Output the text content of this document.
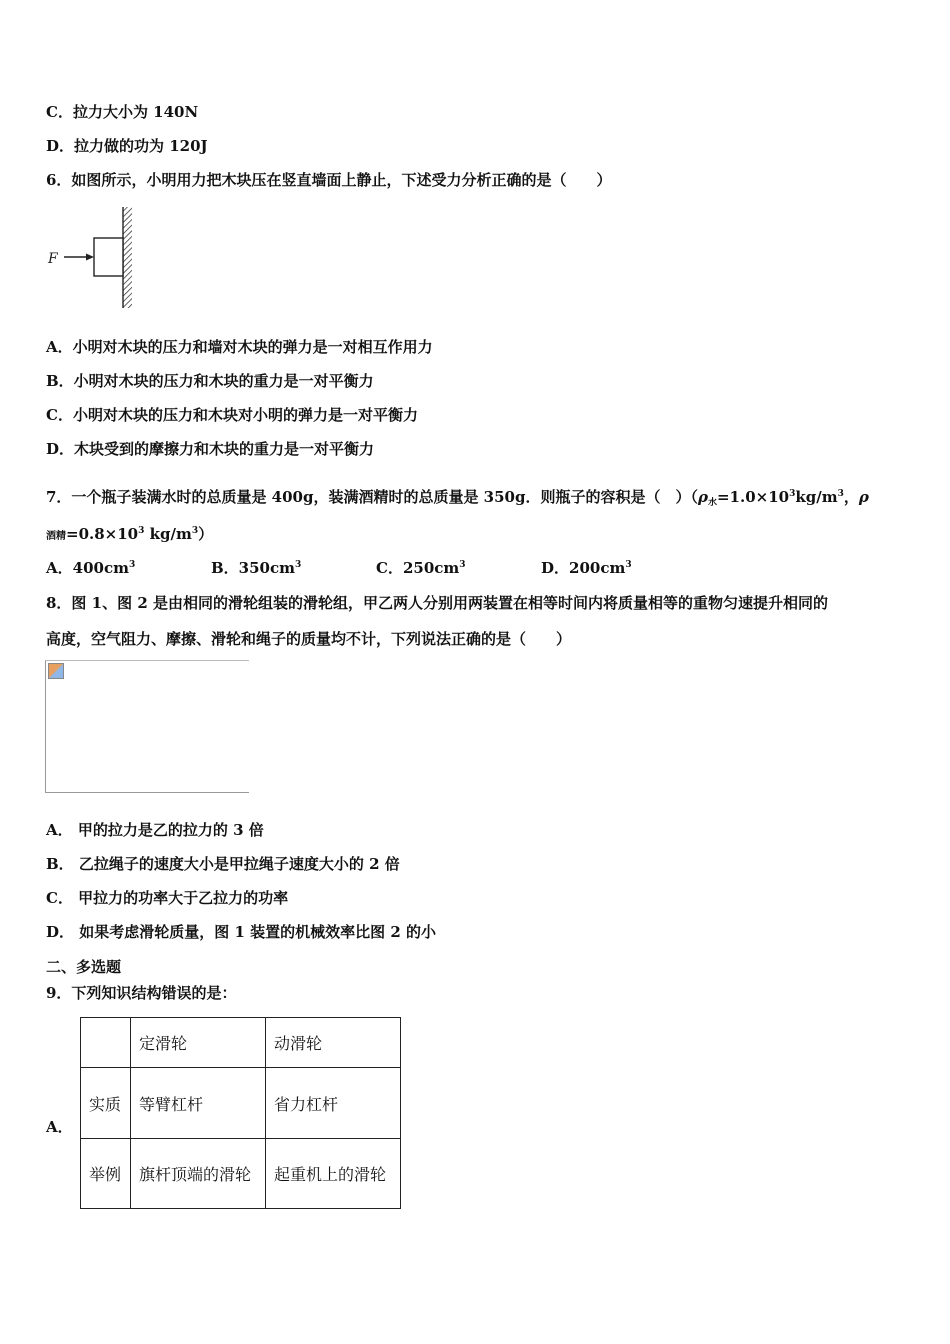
C．拉力大小为 140N
D．拉力做的功为 120J
6．如图所示，小明用力把木块压在竖直墙面上静止，下述受力分析正确的是（　　）
F
A．小明对木块的压力和墙对木块的弹力是一对相互作用力
B．小明对木块的压力和木块的重力是一对平衡力
C．小明对木块的压力和木块对小明的弹力是一对平衡力
D．木块受到的摩擦力和木块的重力是一对平衡力
7．一个瓶子装满水时的总质量是 400g，装满酒精时的总质量是 350g．则瓶子的容积是（　）（$\rho_水=1.0\times 10^3kg/m^3$，ρ
酒精$=0.8\times 10^3$ $kg/m^3$）
A．$400cm^3$	B．$350cm^3$	C．$250cm^3$	D．$200cm^3$
8．图 1、图 2 是由相同的滑轮组装的滑轮组，甲乙两人分别用两装置在相等时间内将质量相等的重物匀速提升相同的
高度，空气阻力、摩擦、滑轮和绳子的质量均不计，下列说法正确的是（　　）
A． 甲的拉力是乙的拉力的 3 倍
B． 乙拉绳子的速度大小是甲拉绳子速度大小的 2 倍
C． 甲拉力的功率大于乙拉力的功率
D． 如果考虑滑轮质量，图 1 装置的机械效率比图 2 的小
二、多选题
9．下列知识结构错误的是：
A．
	定滑轮	动滑轮
实质	等臂杠杆	省力杠杆
举例	旗杆顶端的滑轮	起重机上的滑轮
